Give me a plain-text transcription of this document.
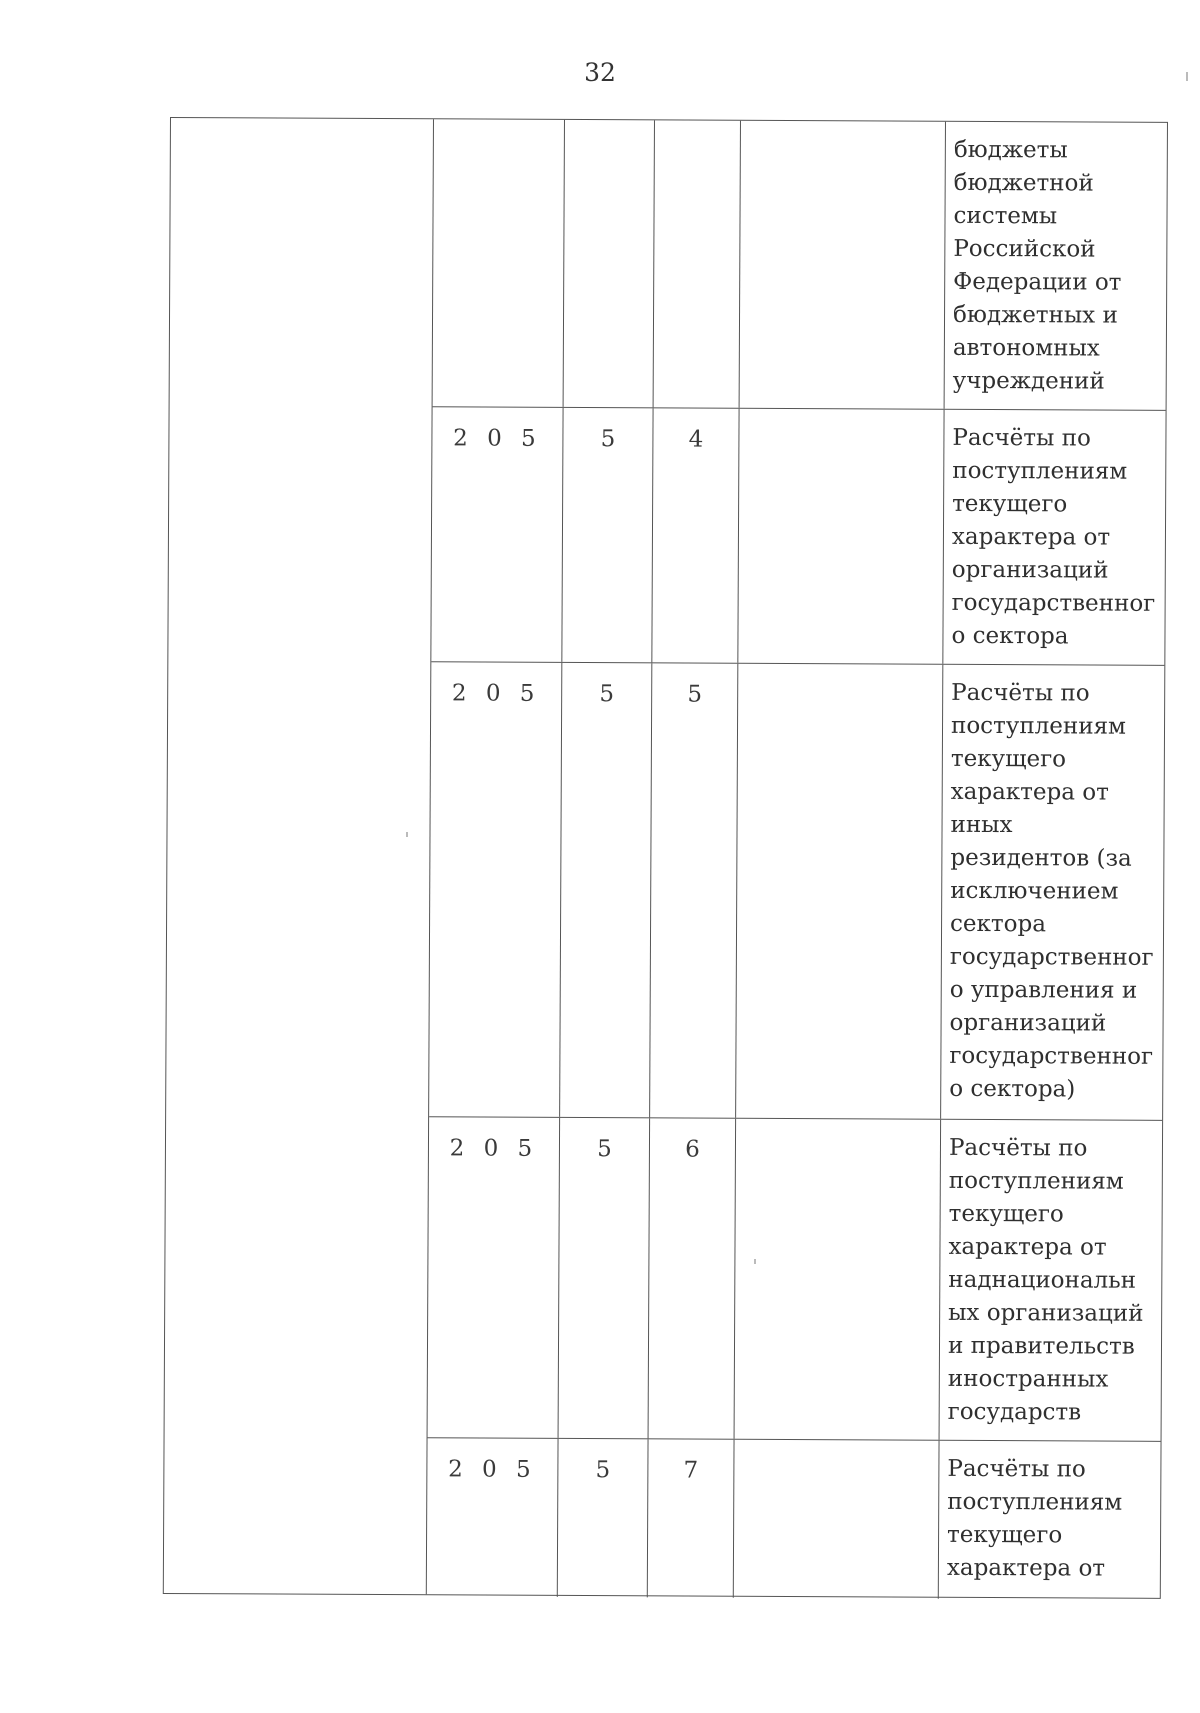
32
бюджеты
бюджетной
системы
Российской
Федерации от
бюджетных и
автономных
учреждений
2 0 5	5	4	Расчёты по
поступлениям
текущего
характера от
организаций
государственног
о сектора
2 0 5	5	5	Расчёты по
поступлениям
текущего
характера от
иных
резидентов (за
исключением
сектора
государственног
о управления и
организаций
государственног
о сектора)
2 0 5	5	6	Расчёты по
поступлениям
текущего
характера от
наднациональн
ых организаций
и правительств
иностранных
государств
2 0 5	5	7	Расчёты по
поступлениям
текущего
характера от
